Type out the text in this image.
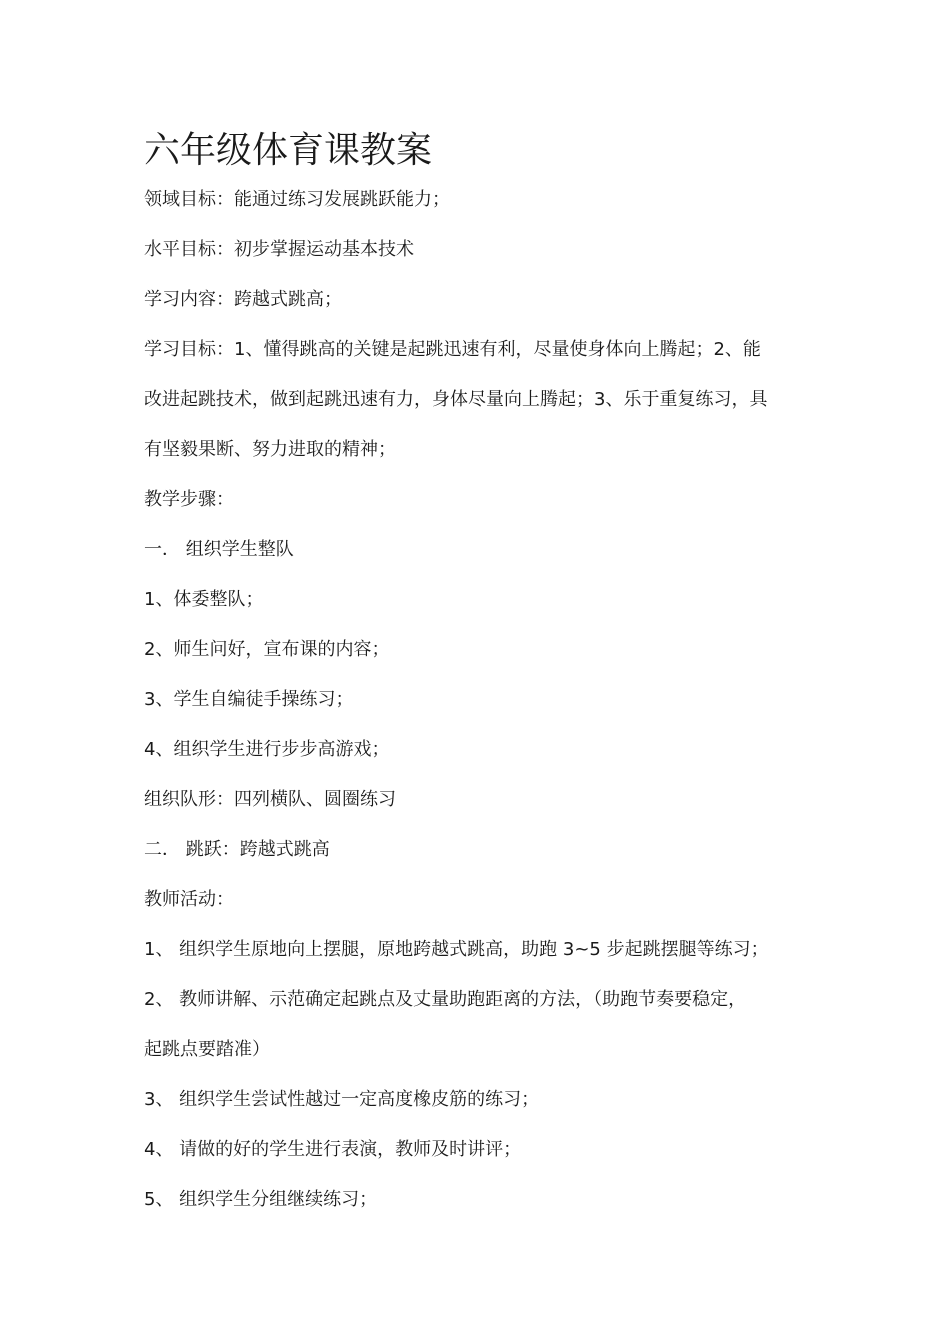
六年级体育课教案
领域目标：能通过练习发展跳跃能力；
水平目标：初步掌握运动基本技术
学习内容：跨越式跳高；
学习目标：1、懂得跳高的关键是起跳迅速有利，尽量使身体向上腾起；2、能
改进起跳技术，做到起跳迅速有力，身体尽量向上腾起；3、乐于重复练习，具
有坚毅果断、努力进取的精神；
教学步骤：
一． 组织学生整队
1、体委整队；
2、师生问好，宣布课的内容；
3、学生自编徒手操练习；
4、组织学生进行步步高游戏；
组织队形：四列横队、圆圈练习
二． 跳跃：跨越式跳高
教师活动：
1、 组织学生原地向上摆腿，原地跨越式跳高，助跑 3~5 步起跳摆腿等练习；
2、 教师讲解、示范确定起跳点及丈量助跑距离的方法，（助跑节奏要稳定，
起跳点要踏准）
3、 组织学生尝试性越过一定高度橡皮筋的练习；
4、 请做的好的学生进行表演，教师及时讲评；
5、 组织学生分组继续练习；
